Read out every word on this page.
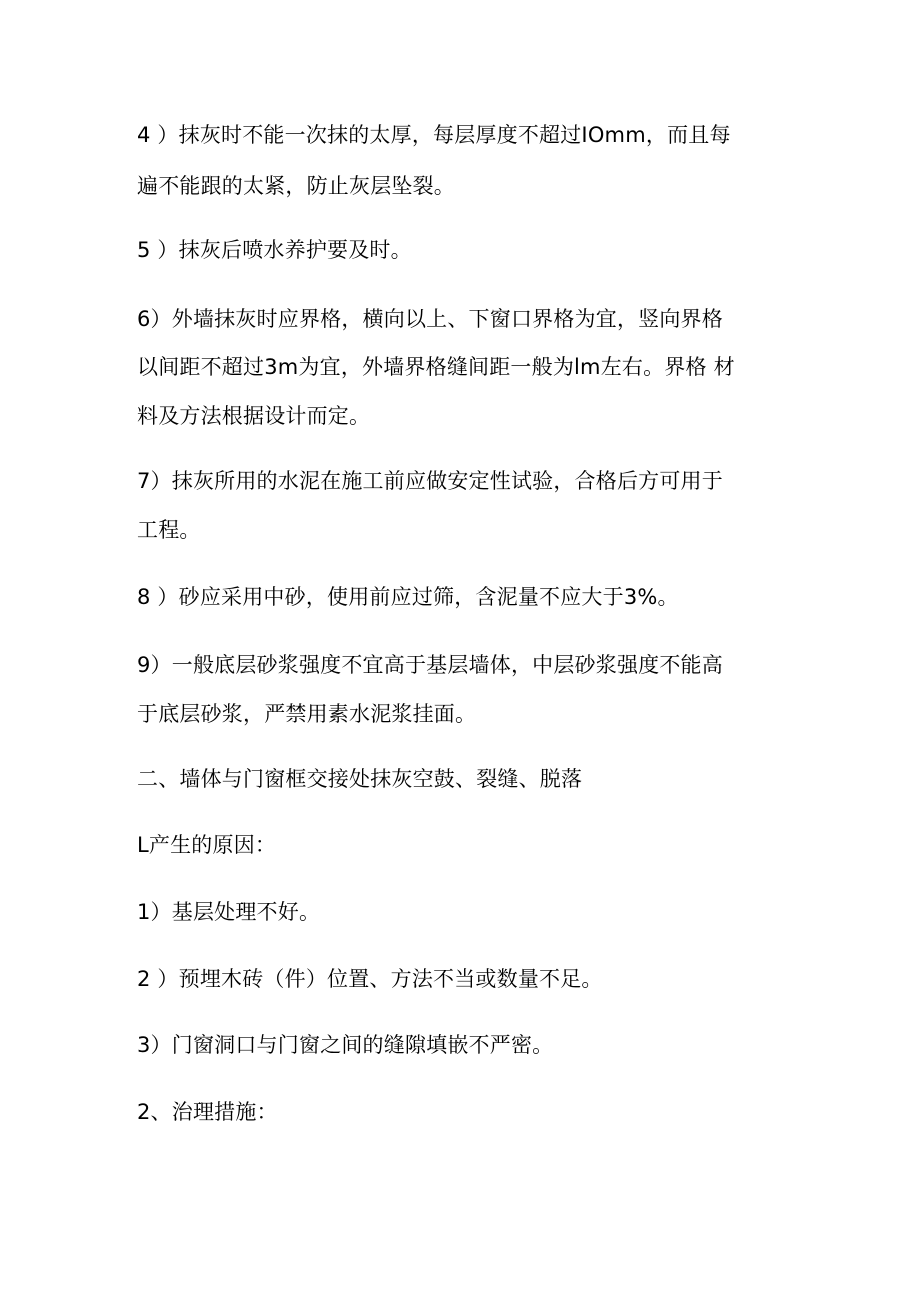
4 ）抹灰时不能一次抹的太厚，每层厚度不超过IOmm，而且每
遍不能跟的太紧，防止灰层坠裂。
5 ）抹灰后喷水养护要及时。
6）外墙抹灰时应界格，横向以上、下窗口界格为宜，竖向界格
以间距不超过3m为宜，外墙界格缝间距一般为lm左右。界格 材
料及方法根据设计而定。
7）抹灰所用的水泥在施工前应做安定性试验，合格后方可用于
工程。
8 ）砂应采用中砂，使用前应过筛，含泥量不应大于3%。
9）一般底层砂浆强度不宜高于基层墙体，中层砂浆强度不能高
于底层砂浆，严禁用素水泥浆挂面。
二、墙体与门窗框交接处抹灰空鼓、裂缝、脱落
L产生的原因：
1）基层处理不好。
2 ）预埋木砖（件）位置、方法不当或数量不足。
3）门窗洞口与门窗之间的缝隙填嵌不严密。
2、治理措施：
